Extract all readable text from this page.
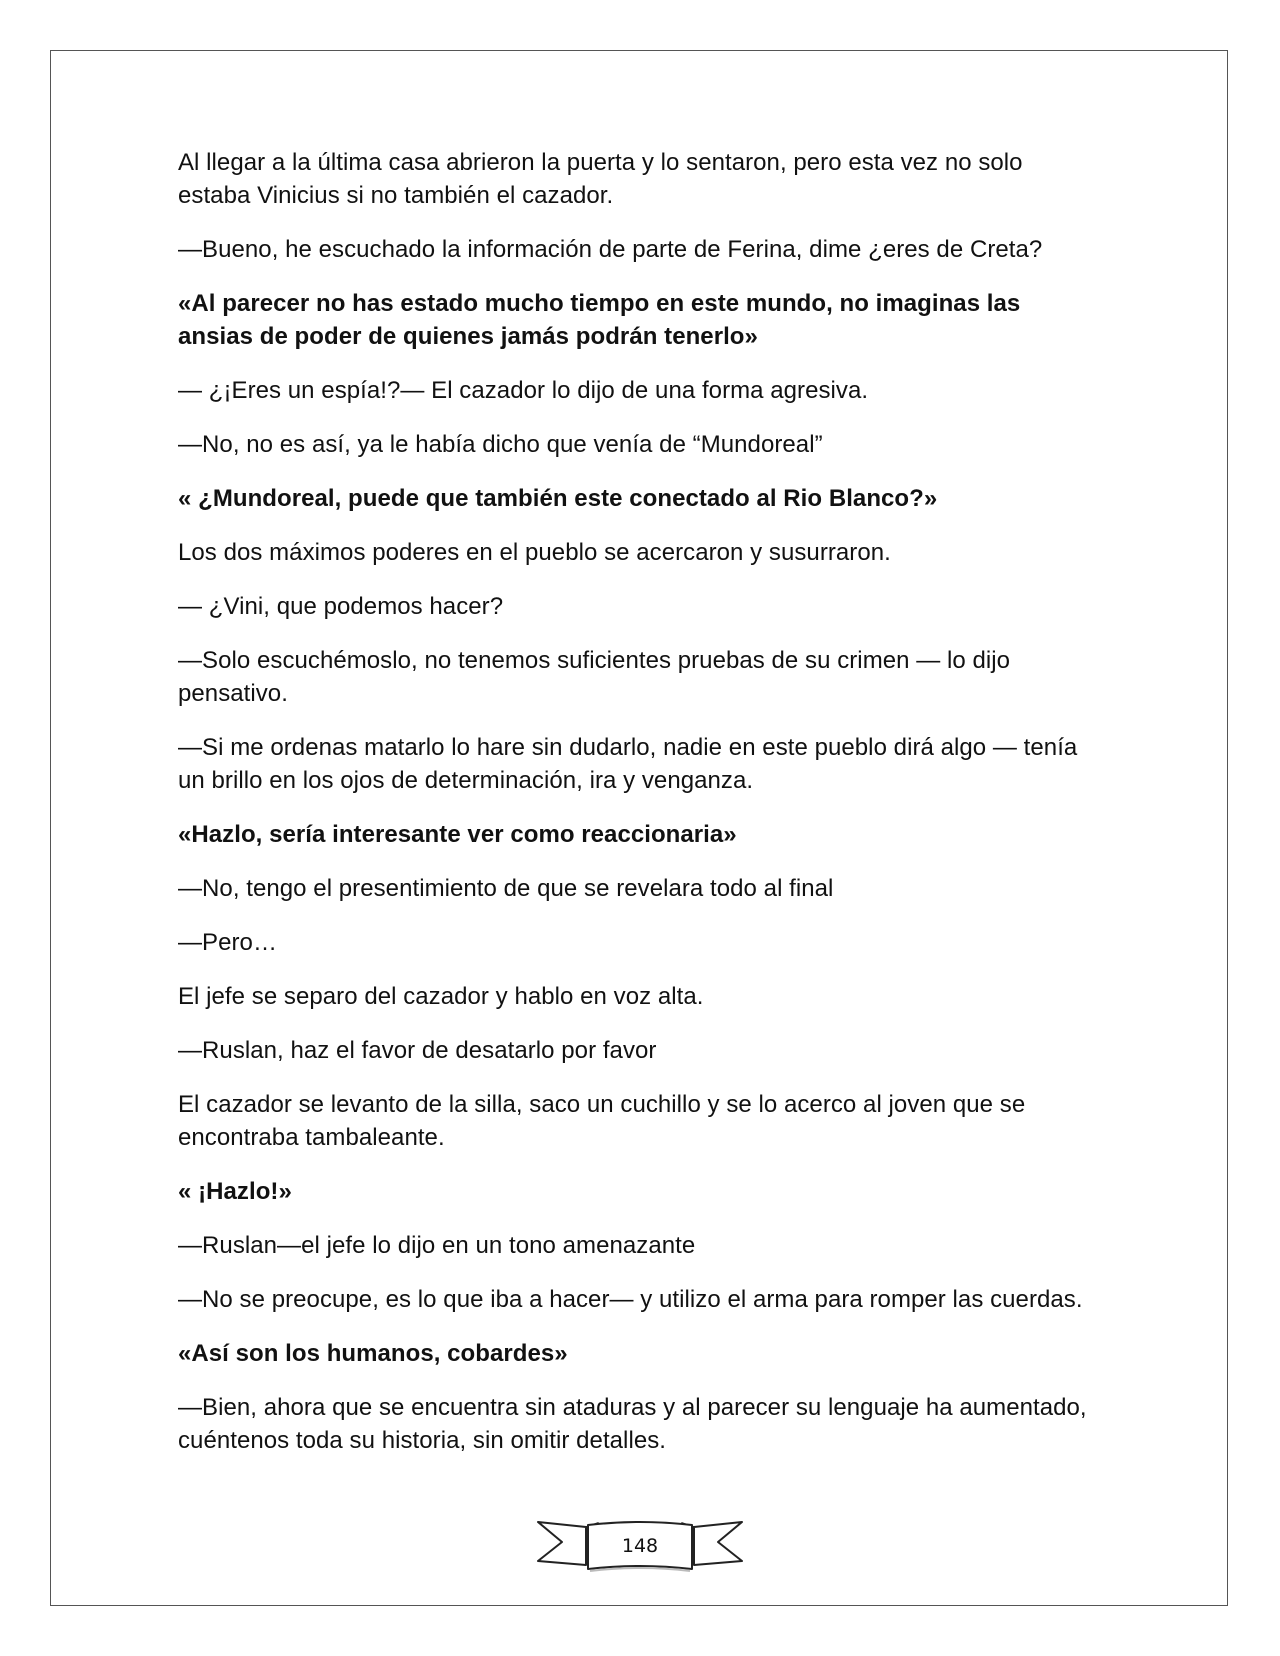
Al llegar a la última casa abrieron la puerta y lo sentaron, pero esta vez no solo estaba Vinicius si no también el cazador.

—Bueno, he escuchado la información de parte de Ferina, dime ¿eres de Creta?

«Al parecer no has estado mucho tiempo en este mundo, no imaginas las ansias de poder de quienes jamás podrán tenerlo»

— ¿¡Eres un espía!?— El cazador lo dijo de una forma agresiva.

—No, no es así, ya le había dicho que venía de “Mundoreal”

« ¿Mundoreal, puede que también este conectado al Rio Blanco?»

Los dos máximos poderes en el pueblo se acercaron y susurraron.

— ¿Vini, que podemos hacer?

—Solo escuchémoslo, no tenemos suficientes pruebas de su crimen — lo dijo pensativo.

—Si me ordenas matarlo lo hare sin dudarlo, nadie en este pueblo dirá algo — tenía un brillo en los ojos de determinación, ira y venganza.

«Hazlo, sería interesante ver como reaccionaria»

—No, tengo el presentimiento de que se revelara todo al final

—Pero…

El jefe se separo del cazador y hablo en voz alta.

—Ruslan, haz el favor de desatarlo por favor

El cazador se levanto de la silla, saco un cuchillo y se lo acerco al joven que se encontraba tambaleante.

« ¡Hazlo!»

—Ruslan—el jefe lo dijo en un tono amenazante

—No se preocupe, es lo que iba a hacer— y utilizo el arma para romper las cuerdas.

«Así son los humanos, cobardes»

—Bien, ahora que se encuentra sin ataduras y al parecer su lenguaje ha aumentado, cuéntenos toda su historia, sin omitir detalles.

148
